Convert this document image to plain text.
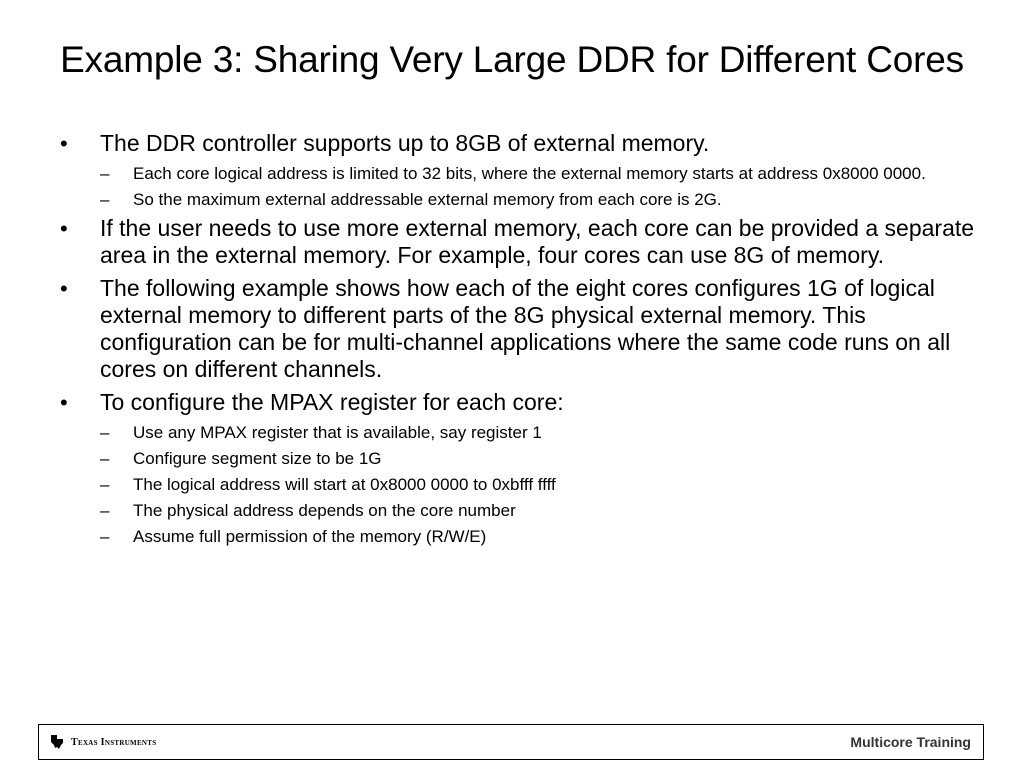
Example 3: Sharing Very Large DDR for Different Cores
• The DDR controller supports up to 8GB of external memory.
– Each core logical address is limited to 32 bits, where the external memory starts at address 0x8000 0000.
– So the maximum external addressable external memory from each core is 2G.
• If the user needs to use more external memory, each core can be provided a separate area in the external memory. For example, four cores can use 8G of memory.
• The following example shows how each of the eight cores configures 1G of logical external memory to different parts of the 8G physical external memory. This configuration can be for multi-channel applications where the same code runs on all cores on different channels.
• To configure the MPAX register for each core:
– Use any MPAX register that is available, say register 1
– Configure segment size to be 1G
– The logical address will start at 0x8000 0000 to 0xbfff ffff
– The physical address depends on the core number
– Assume full permission of the memory (R/W/E)
Texas Instruments	Multicore Training
